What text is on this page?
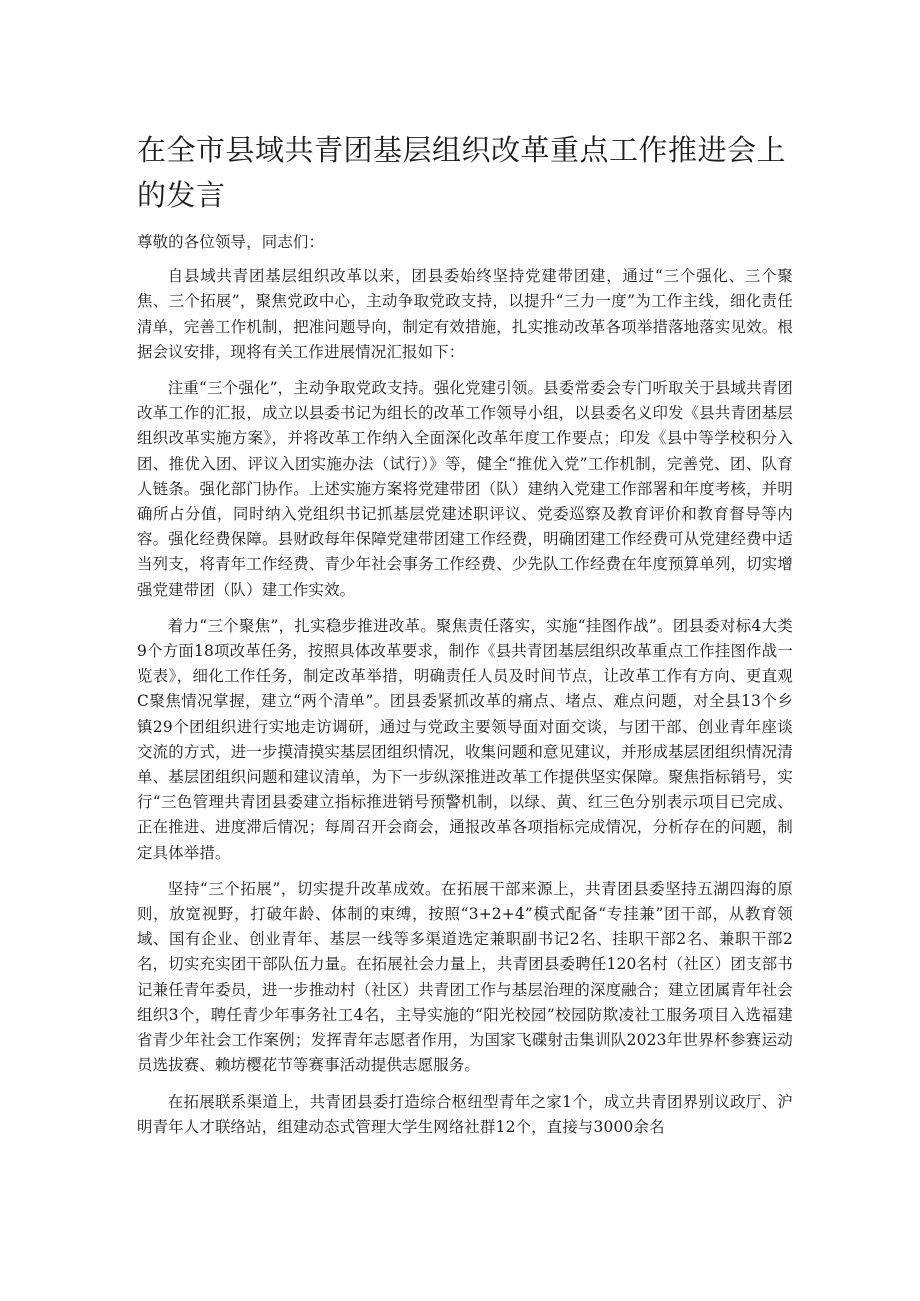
在全市县域共青团基层组织改革重点工作推进会上的发言

尊敬的各位领导，同志们：

自县域共青团基层组织改革以来，团县委始终坚持党建带团建，通过“三个强化、三个聚焦、三个拓展”，聚焦党政中心，主动争取党政支持，以提升“三力一度”为工作主线，细化责任清单，完善工作机制，把准问题导向，制定有效措施，扎实推动改革各项举措落地落实见效。根据会议安排，现将有关工作进展情况汇报如下：

注重“三个强化”，主动争取党政支持。强化党建引领。县委常委会专门听取关于县域共青团改革工作的汇报，成立以县委书记为组长的改革工作领导小组，以县委名义印发《县共青团基层组织改革实施方案》，并将改革工作纳入全面深化改革年度工作要点；印发《县中等学校积分入团、推优入团、评议入团实施办法（试行）》等，健全“推优入党”工作机制，完善党、团、队育人链条。强化部门协作。上述实施方案将党建带团（队）建纳入党建工作部署和年度考核，并明确所占分值，同时纳入党组织书记抓基层党建述职评议、党委巡察及教育评价和教育督导等内容。强化经费保障。县财政每年保障党建带团建工作经费，明确团建工作经费可从党建经费中适当列支，将青年工作经费、青少年社会事务工作经费、少先队工作经费在年度预算单列，切实增强党建带团（队）建工作实效。

着力“三个聚焦”，扎实稳步推进改革。聚焦责任落实，实施“挂图作战”。团县委对标4大类9个方面18项改革任务，按照具体改革要求，制作《县共青团基层组织改革重点工作挂图作战一览表》，细化工作任务，制定改革举措，明确责任人员及时间节点，让改革工作有方向、更直观C聚焦情况掌握，建立“两个清单”。团县委紧抓改革的痛点、堵点、难点问题，对全县13个乡镇29个团组织进行实地走访调研，通过与党政主要领导面对面交谈，与团干部、创业青年座谈交流的方式，进一步摸清摸实基层团组织情况，收集问题和意见建议，并形成基层团组织情况清单、基层团组织问题和建议清单，为下一步纵深推进改革工作提供坚实保障。聚焦指标销号，实行“三色管理共青团县委建立指标推进销号预警机制，以绿、黄、红三色分别表示项目已完成、正在推进、进度滞后情况；每周召开会商会，通报改革各项指标完成情况，分析存在的问题，制定具体举措。

坚持“三个拓展”，切实提升改革成效。在拓展干部来源上，共青团县委坚持五湖四海的原则，放宽视野，打破年龄、体制的束缚，按照“3+2+4”模式配备“专挂兼”团干部，从教育领域、国有企业、创业青年、基层一线等多渠道选定兼职副书记2名、挂职干部2名、兼职干部2名，切实充实团干部队伍力量。在拓展社会力量上，共青团县委聘任120名村（社区）团支部书记兼任青年委员，进一步推动村（社区）共青团工作与基层治理的深度融合；建立团属青年社会组织3个，聘任青少年事务社工4名，主导实施的“阳光校园”校园防欺凌社工服务项目入选福建省青少年社会工作案例；发挥青年志愿者作用，为国家飞碟射击集训队2023年世界杯参赛运动员选拔赛、赖坊樱花节等赛事活动提供志愿服务。

在拓展联系渠道上，共青团县委打造综合枢纽型青年之家1个，成立共青团界别议政厅、沪明青年人才联络站，组建动态式管理大学生网络社群12个，直接与3000余名
